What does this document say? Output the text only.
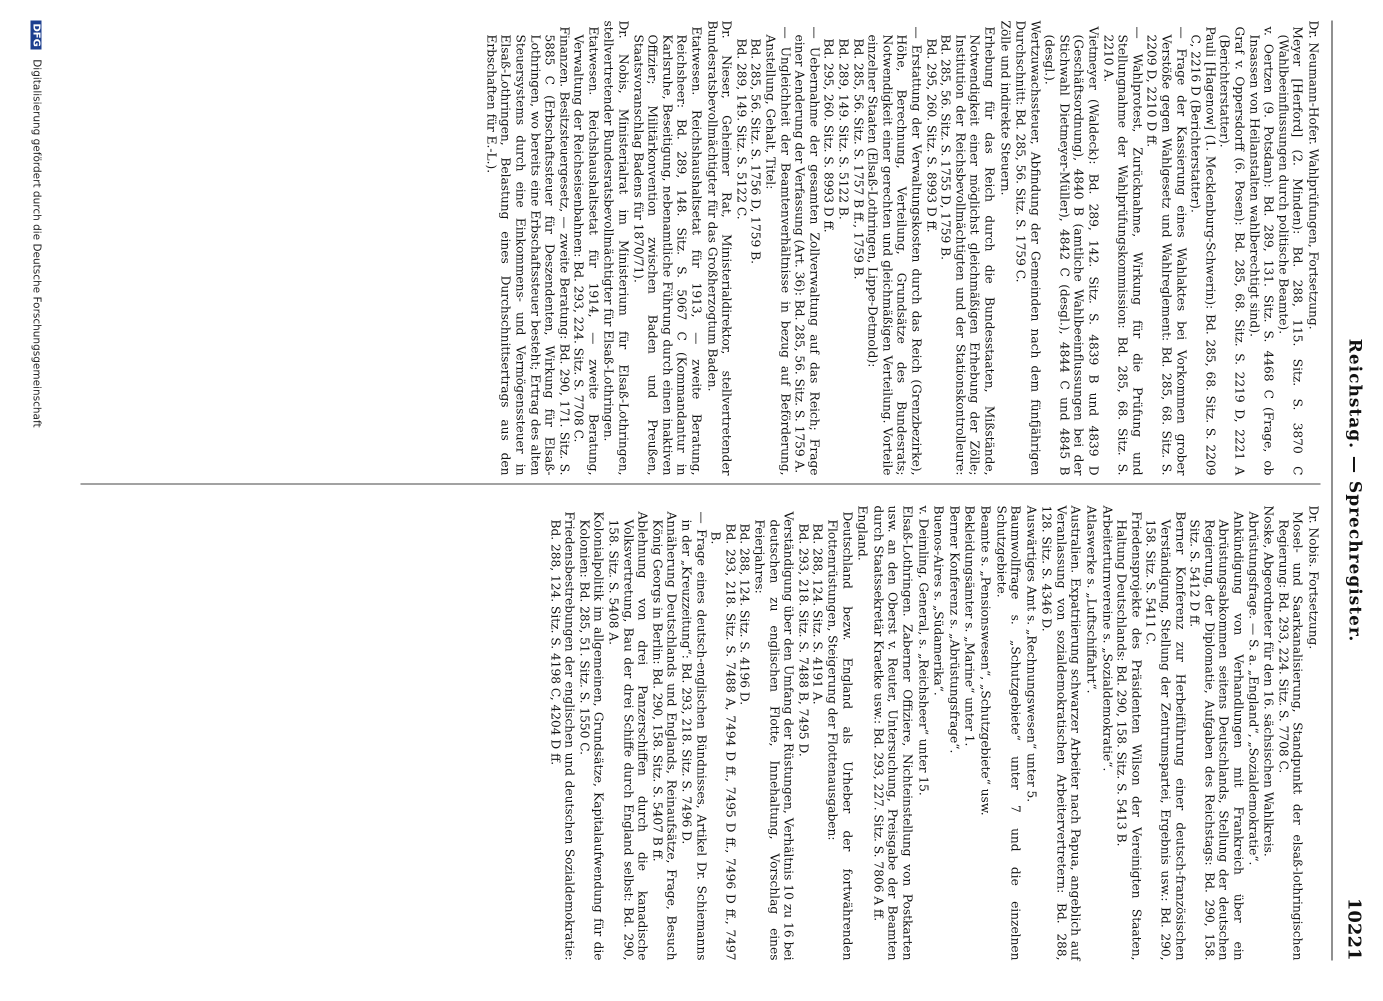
Reichstag. — Sprechregister.
10221
Dr. Neumann-Hofer. Wahlprüfungen, Fortsetzung.
Meyer [Herford] (2. Minden): Bd. 288, 115. Sitz. S. 3870 C (Wahlbeeinflussungen durch politische Beamte).
v. Oertzen (9. Potsdam): Bd. 289, 131. Sitz. S. 4468 C (Frage, ob Insassen von Heilanstalten wahlberechtigt sind).
Graf v. Oppersdorff (6. Posen): Bd. 285, 68. Sitz. S. 2219 D, 2221 A (Berichterstatter).
Pauli [Hagenow] (1. Mecklenburg-Schwerin): Bd. 285, 68. Sitz. S. 2209 C, 2216 D (Berichterstatter).
— Frage der Kassierung eines Wahlaktes bei Vorkommen grober Verstöße gegen Wahlgesetz und Wahlreglement: Bd. 285, 68. Sitz. S. 2209 D, 2210 D ff.
— Wahlprotest, Zurücknahme, Wirkung für die Prüfung und Stellungnahme der Wahlprüfungskommission: Bd. 285, 68. Sitz. S. 2210 A.
Vietmeyer (Waldeck): Bd. 289, 142. Sitz. S. 4839 B und 4839 D (Geschäftsordnung), 4840 B (amtliche Wahlbeeinflussungen bei der Stichwahl Dietmeyer-Müller), 4842 C (desgl.), 4844 C und 4845 B (desgl.).
Wertzuwachssteuer, Abfindung der Gemeinden nach dem fünfjährigen Durchschnitt: Bd. 285, 56. Sitz. S. 1759 C.
Zölle und indirekte Steuern.
Erhebung für das Reich durch die Bundesstaaten, Mißstände, Notwendigkeit einer möglichst gleichmäßigen Erhebung der Zölle; Institution der Reichsbevollmächtigten und der Stationskontrolleure: Bd. 285, 56. Sitz. S. 1755 D, 1759 B.
Bd. 295, 260. Sitz. S. 8993 D ff.
— Erstattung der Verwaltungskosten durch das Reich (Grenzbezirke), Höhe, Berechnung, Verteilung, Grundsätze des Bundesrats; Notwendigkeit einer gerechten und gleichmäßigen Verteilung. Vorteile einzelner Staaten (Elsaß-Lothringen, Lippe-Detmold):
Bd. 285, 56. Sitz. S. 1757 B ff., 1759 B.
Bd. 289, 149. Sitz. S. 5122 B.
Bd. 295, 260. Sitz. S. 8993 D ff.
— Uebernahme der gesamten Zollverwaltung auf das Reich; Frage einer Aenderung der Verfassung (Art. 36): Bd. 285, 56. Sitz. S. 1759 A.
— Ungleichheit der Beamtenverhältnisse in bezug auf Beförderung, Anstellung, Gehalt, Titel:
Bd. 285, 56. Sitz. S. 1756 D, 1759 B.
Bd. 289, 149. Sitz. S. 5122 C.
Dr. Nieser, Geheimer Rat, Ministerialdirektor, stellvertretender Bundesratsbevollmächtigter für das Großherzogtum Baden.
Etatwesen. Reichshaushaltsetat für 1913, — zweite Beratung, Reichsheer: Bd. 289, 148. Sitz. S. 5067 C (Kommandantur in Karlsruhe, Beseitigung, nebenamtliche Führung durch einen inaktiven Offizier; Militärkonvention zwischen Baden und Preußen, Staatsvoranschlag Badens für 1870/71).
Dr. Nobis, Ministerialrat im Ministerium für Elsaß-Lothringen, stellvertretender Bundesratsbevollmächtigter für Elsaß-Lothringen.
Etatwesen. Reichshaushaltsetat für 1914, — zweite Beratung, Verwaltung der Reichseisenbahnen: Bd. 293, 224. Sitz. S. 7708 C.
Finanzen. Besitzsteuergesetz, — zweite Beratung: Bd. 290, 171. Sitz. S. 5885 C (Erbschaftssteuer für Deszendenten, Wirkung für Elsaß-Lothringen, wo bereits eine Erbschaftssteuer besteht; Ertrag des alten Steuersystems durch eine Einkommens- und Vermögenssteuer in Elsaß-Lothringen, Belastung eines Durchschnittsertrags aus den Erbschaften für E.-L.).
Dr. Nobis. Fortsetzung.
Mosel- und Saarkanalisierung, Standpunkt der elsaß-lothringischen Regierung: Bd. 293, 224. Sitz. S. 7708 C.
Noske, Abgeordneter für den 16. sächsischen Wahlkreis.
Abrüstungsfrage. — S. a. „England“, „Sozialdemokratie“.
Ankündigung von Verhandlungen mit Frankreich über ein Abrüstungsabkommen seitens Deutschlands, Stellung der deutschen Regierung, der Diplomatie, Aufgaben des Reichstags: Bd. 290, 158. Sitz. S. 5412 D ff.
Berner Konferenz zur Herbeiführung einer deutsch-französischen Verständigung, Stellung der Zentrumspartei, Ergebnis usw.: Bd. 290, 158. Sitz. S. 5411 C.
Friedensprojekte des Präsidenten Wilson der Vereinigten Staaten, Haltung Deutschlands: Bd. 290, 158. Sitz. S. 5413 B.
Arbeiterturnvereine s. „Sozialdemokratie“.
Atlaswerke s. „Luftschiffahrt“.
Australien. Expatriierung schwarzer Arbeiter nach Papua, angeblich auf Veranlassung von sozialdemokratischen Arbeitervertretern: Bd. 288, 128. Sitz. S. 4346 D.
Auswärtiges Amt s. „Rechnungswesen“ unter 5.
Baumwollfrage s. „Schutzgebiete“ unter 7 und die einzelnen Schutzgebiete.
Beamte s. „Pensionswesen“, „Schutzgebiete“ usw.
Bekleidungsämter s. „Marine“ unter 1.
Berner Konferenz s. „Abrüstungsfrage“.
Buenos-Aires s. „Südamerika“.
v. Deimling, General, s. „Reichsheer“ unter 15.
Elsaß-Lothringen. Zaberner Offiziere, Nichteinstellung von Postkarten usw. an den Oberst v. Reuter, Untersuchung, Preisgabe der Beamten durch Staatssekretär Kraetke usw.: Bd. 293, 227. Sitz. S. 7806 A ff.
England.
Deutschland bezw. England als Urheber der fortwährenden Flottenrüstungen, Steigerung der Flottenausgaben:
Bd. 288, 124. Sitz. S. 4191 A.
Bd. 293, 218. Sitz. S. 7488 B, 7495 D.
Verständigung über den Umfang der Rüstungen, Verhältnis 10 zu 16 bei deutschen zu englischen Flotte, Innehaltung, Vorschlag eines Feierjahres:
Bd. 288, 124. Sitz. S. 4196 D.
Bd. 293, 218. Sitz. S. 7488 A, 7494 D ff., 7495 D ff., 7496 D ff., 7497 B.
— Frage eines deutsch-englischen Bündnisses, Artikel Dr. Schiemanns in der „Kreuzzeitung“: Bd. 293, 218. Sitz. S. 7496 D.
Annäherung Deutschlands und Englands, Reinaufsätze, Frage, Besuch König Georgs in Berlin: Bd. 290, 158. Sitz. S. 5407 B ff.
Ablehnung von drei Panzerschiffen durch die kanadische Volksvertretung, Bau der drei Schiffe durch England selbst: Bd. 290, 158. Sitz. S. 5408 A.
Kolonialpolitik im allgemeinen, Grundsätze, Kapitalaufwendung für die Kolonien: Bd. 285, 51. Sitz. S. 1550 C.
Friedensbestrebungen der englischen und deutschen Sozialdemokratie: Bd. 288, 124. Sitz. S. 4198 C, 4204 D ff.
DFG Digitalisierung gefördert durch die Deutsche Forschungsgemeinschaft
